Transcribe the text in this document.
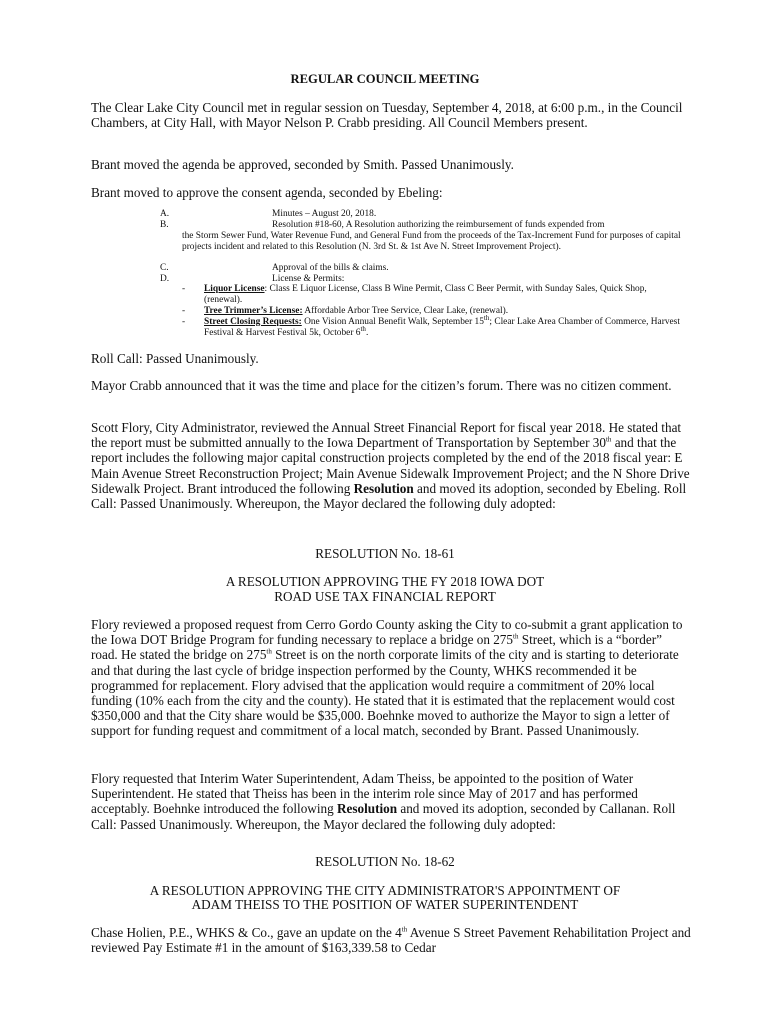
REGULAR COUNCIL MEETING

The Clear Lake City Council met in regular session on Tuesday, September 4, 2018, at 6:00 p.m., in the Council Chambers, at City Hall, with Mayor Nelson P. Crabb presiding. All Council Members present.

Brant moved the agenda be approved, seconded by Smith. Passed Unanimously.

Brant moved to approve the consent agenda, seconded by Ebeling:

A.	Minutes – August 20, 2018.
B.	Resolution #18-60, A Resolution authorizing the reimbursement of funds expended from
the Storm Sewer Fund, Water Revenue Fund, and General Fund from the proceeds of the Tax-Increment Fund for purposes of capital projects incident and related to this Resolution (N. 3rd St. & 1st Ave N. Street Improvement Project).
C.	Approval of the bills & claims.
D.	License & Permits:
- Liquor License: Class E Liquor License, Class B Wine Permit, Class C Beer Permit, with Sunday Sales, Quick Shop, (renewal).
- Tree Trimmer’s License: Affordable Arbor Tree Service, Clear Lake, (renewal).
- Street Closing Requests: One Vision Annual Benefit Walk, September 15th; Clear Lake Area Chamber of Commerce, Harvest Festival & Harvest Festival 5k, October 6th.

Roll Call: Passed Unanimously.

Mayor Crabb announced that it was the time and place for the citizen’s forum. There was no citizen comment.

Scott Flory, City Administrator, reviewed the Annual Street Financial Report for fiscal year 2018. He stated that the report must be submitted annually to the Iowa Department of Transportation by September 30th and that the report includes the following major capital construction projects completed by the end of the 2018 fiscal year: E Main Avenue Street Reconstruction Project; Main Avenue Sidewalk Improvement Project; and the N Shore Drive Sidewalk Project. Brant introduced the following Resolution and moved its adoption, seconded by Ebeling. Roll Call: Passed Unanimously. Whereupon, the Mayor declared the following duly adopted:

RESOLUTION No. 18-61
A RESOLUTION APPROVING THE FY 2018 IOWA DOT
ROAD USE TAX FINANCIAL REPORT

Flory reviewed a proposed request from Cerro Gordo County asking the City to co-submit a grant application to the Iowa DOT Bridge Program for funding necessary to replace a bridge on 275th Street, which is a “border” road. He stated the bridge on 275th Street is on the north corporate limits of the city and is starting to deteriorate and that during the last cycle of bridge inspection performed by the County, WHKS recommended it be programmed for replacement. Flory advised that the application would require a commitment of 20% local funding (10% each from the city and the county). He stated that it is estimated that the replacement would cost $350,000 and that the City share would be $35,000. Boehnke moved to authorize the Mayor to sign a letter of support for funding request and commitment of a local match, seconded by Brant. Passed Unanimously.

Flory requested that Interim Water Superintendent, Adam Theiss, be appointed to the position of Water Superintendent. He stated that Theiss has been in the interim role since May of 2017 and has performed acceptably. Boehnke introduced the following Resolution and moved its adoption, seconded by Callanan. Roll Call: Passed Unanimously. Whereupon, the Mayor declared the following duly adopted:

RESOLUTION No. 18-62
A RESOLUTION APPROVING THE CITY ADMINISTRATOR'S APPOINTMENT OF
ADAM THEISS TO THE POSITION OF WATER SUPERINTENDENT

Chase Holien, P.E., WHKS & Co., gave an update on the 4th Avenue S Street Pavement Rehabilitation Project and reviewed Pay Estimate #1 in the amount of $163,339.58 to Cedar
